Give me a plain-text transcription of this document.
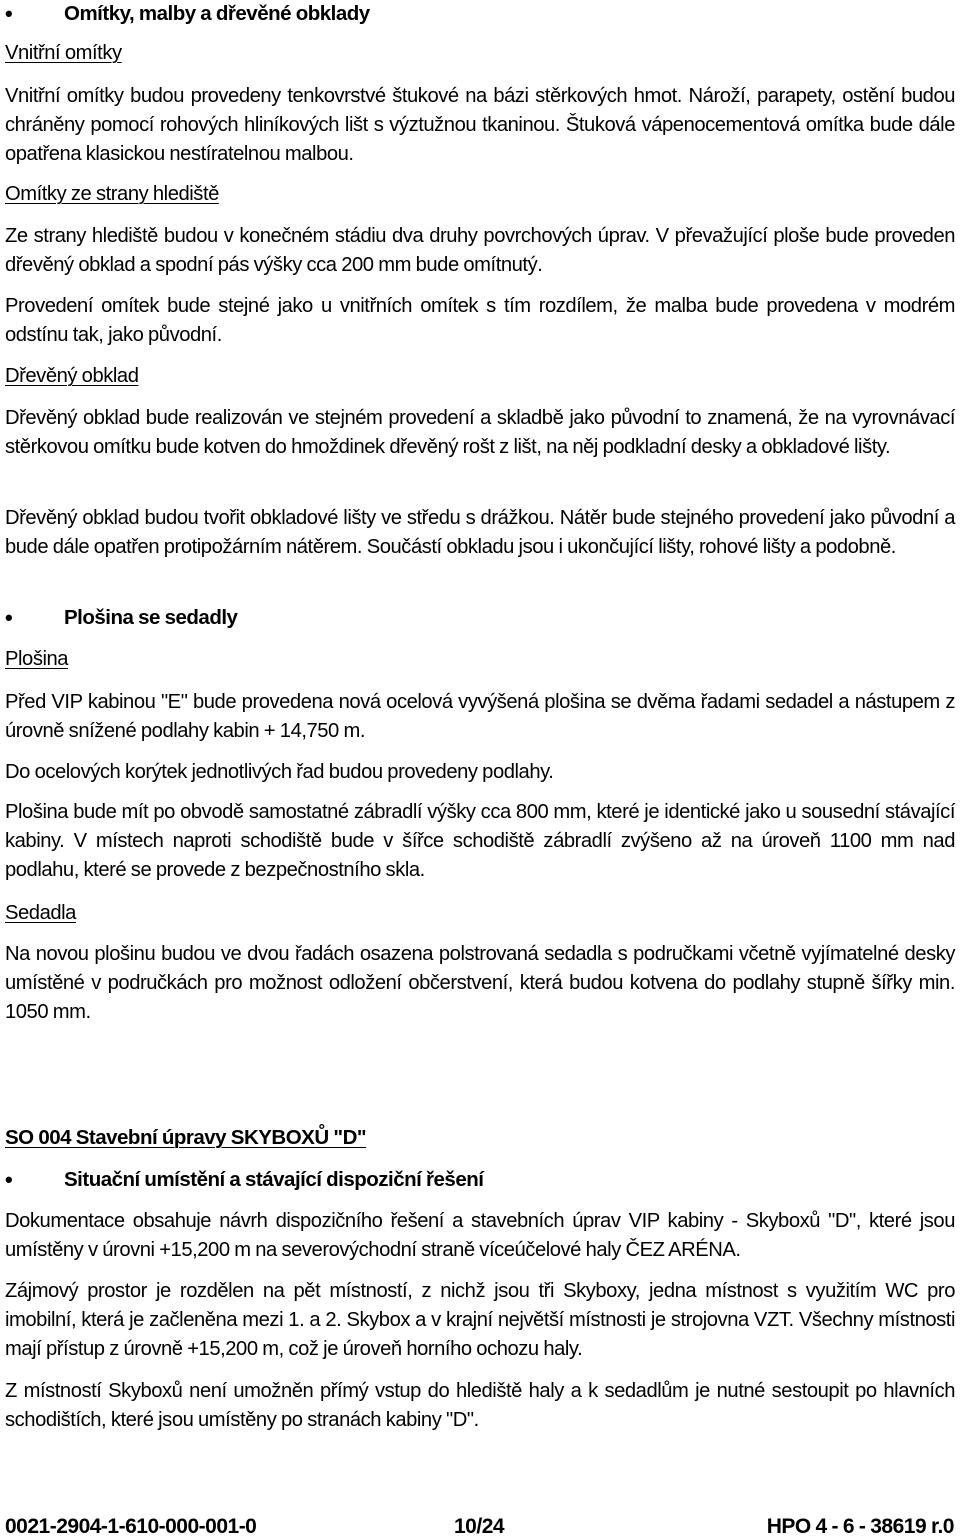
•	Omítky, malby a dřevěné obklady

Vnitřní omítky

Vnitřní omítky budou provedeny tenkovrstvé štukové na bázi stěrkových hmot. Nároží, parapety, ostění budou chráněny pomocí rohových hliníkových lišt s výztužnou tkaninou. Štuková vápenocementová omítka bude dále opatřena klasickou nestíratelnou malbou.

Omítky ze strany hlediště

Ze strany hlediště budou v konečném stádiu dva druhy povrchových úprav. V převažující ploše bude proveden dřevěný obklad a spodní pás výšky cca 200 mm bude omítnutý.

Provedení omítek bude stejné jako u vnitřních omítek s tím rozdílem, že malba bude provedena v modrém odstínu tak, jako původní.

Dřevěný obklad

Dřevěný obklad bude realizován ve stejném provedení a skladbě jako původní to znamená, že na vyrovnávací stěrkovou omítku bude kotven do hmoždinek dřevěný rošt z lišt, na něj podkladní desky a obkladové lišty.

Dřevěný obklad budou tvořit obkladové lišty ve středu s drážkou. Nátěr bude stejného provedení jako původní a bude dále opatřen protipožárním nátěrem. Součástí obkladu jsou i ukončující lišty, rohové lišty a podobně.

•	Plošina se sedadly

Plošina

Před VIP kabinou "E" bude provedena nová ocelová vyvýšená plošina se dvěma řadami sedadel a nástupem z úrovně snížené podlahy kabin + 14,750 m.

Do ocelových korýtek jednotlivých řad budou provedeny podlahy.

Plošina bude mít po obvodě samostatné zábradlí výšky cca 800 mm, které je identické jako u sousední stávající kabiny. V místech naproti schodiště bude v šířce schodiště zábradlí zvýšeno až na úroveň 1100 mm nad podlahu, které se provede z bezpečnostního skla.

Sedadla

Na novou plošinu budou ve dvou řadách osazena polstrovaná sedadla s područkami včetně vyjímatelné desky umístěné v područkách pro možnost odložení občerstvení, která budou kotvena do podlahy stupně šířky min. 1050 mm.

SO 004 Stavební úpravy SKYBOXŮ "D"
•	Situační umístění a stávající dispoziční řešení

Dokumentace obsahuje návrh dispozičního řešení a stavebních úprav VIP kabiny - Skyboxů "D", které jsou umístěny v úrovni +15,200 m na severovýchodní straně víceúčelové haly ČEZ ARÉNA.

Zájmový prostor je rozdělen na pět místností, z nichž jsou tři Skyboxy, jedna místnost s využitím WC pro imobilní, která je začleněna mezi 1. a 2. Skybox a v krajní největší místnosti je strojovna VZT. Všechny místnosti mají přístup z úrovně +15,200 m, což je úroveň horního ochozu haly.

Z místností Skyboxů není umožněn přímý vstup do hlediště haly a k sedadlům je nutné sestoupit po hlavních schodištích, které jsou umístěny po stranách kabiny "D".

0021-2904-1-610-000-001-0	10/24	HPO 4 - 6 - 38619 r.0
